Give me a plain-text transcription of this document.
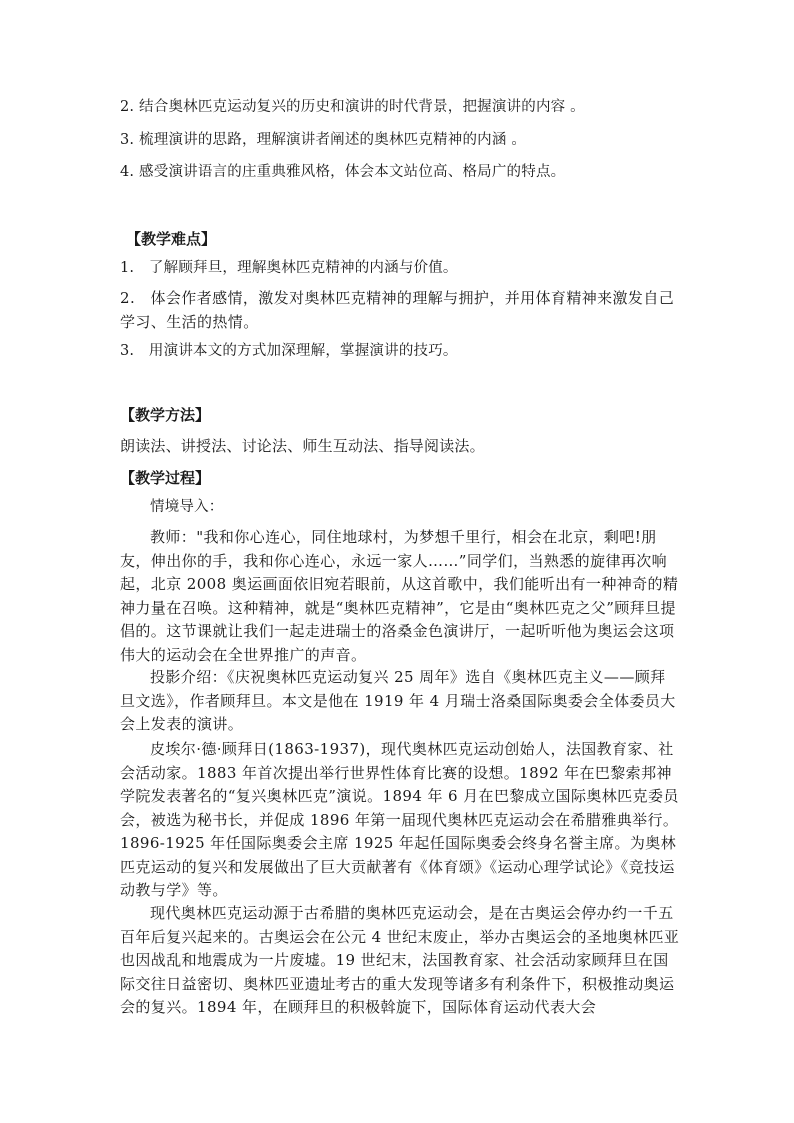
2. 结合奥林匹克运动复兴的历史和演讲的时代背景，把握演讲的内容 。
3. 梳理演讲的思路，理解演讲者阐述的奥林匹克精神的内涵 。
4. 感受演讲语言的庄重典雅风格，体会本文站位高、格局广的特点。
【教学难点】
1.　了解顾拜旦，理解奥林匹克精神的内涵与价值。

2.　体会作者感情，激发对奥林匹克精神的理解与拥护，并用体育精神来激发自己学习、生活的热情。

3.　用演讲本文的方式加深理解，掌握演讲的技巧。
【教学方法】
朗读法、讲授法、讨论法、师生互动法、指导阅读法。
【教学过程】
情境导入：

教师："我和你心连心，同住地球村，为梦想千里行，相会在北京，剩吧!朋友，伸出你的手，我和你心连心，永远一家人……”同学们，当熟悉的旋律再次响起，北京 2008 奥运画面依旧宛若眼前，从这首歌中，我们能听出有一种神奇的精神力量在召唤。这种精神，就是“奥林匹克精神”，它是由“奥林匹克之父”顾拜旦提倡的。这节课就让我们一起走进瑞士的洛桑金色演讲厅，一起听听他为奥运会这项伟大的运动会在全世界推广的声音。

投影介绍：《庆祝奥林匹克运动复兴 25 周年》选自《奥林匹克主义——顾拜旦文选》，作者顾拜旦。本文是他在 1919 年 4 月瑞士洛桑国际奥委会全体委员大会上发表的演讲。

皮埃尔·德·顾拜日(1863-1937)，现代奥林匹克运动创始人，法国教育家、社会活动家。1883 年首次提出举行世界性体育比赛的设想。1892 年在巴黎索邦神学院发表著名的“复兴奥林匹克”演说。1894 年 6 月在巴黎成立国际奥林匹克委员会，被选为秘书长，并促成 1896 年第一届现代奥林匹克运动会在希腊雅典举行。1896-1925 年任国际奥委会主席 1925 年起任国际奥委会终身名誉主席。为奥林匹克运动的复兴和发展做出了巨大贡献著有《体育颂》《运动心理学试论》《竞技运动教与学》等。

现代奥林匹克运动源于古希腊的奥林匹克运动会，是在古奥运会停办约一千五百年后复兴起来的。古奥运会在公元 4 世纪末废止，举办古奥运会的圣地奥林匹亚也因战乱和地震成为一片废墟。19 世纪末，法国教育家、社会活动家顾拜旦在国际交往日益密切、奥林匹亚遗址考古的重大发现等诸多有利条件下，积极推动奥运会的复兴。1894 年，在顾拜旦的积极斡旋下，国际体育运动代表大会
